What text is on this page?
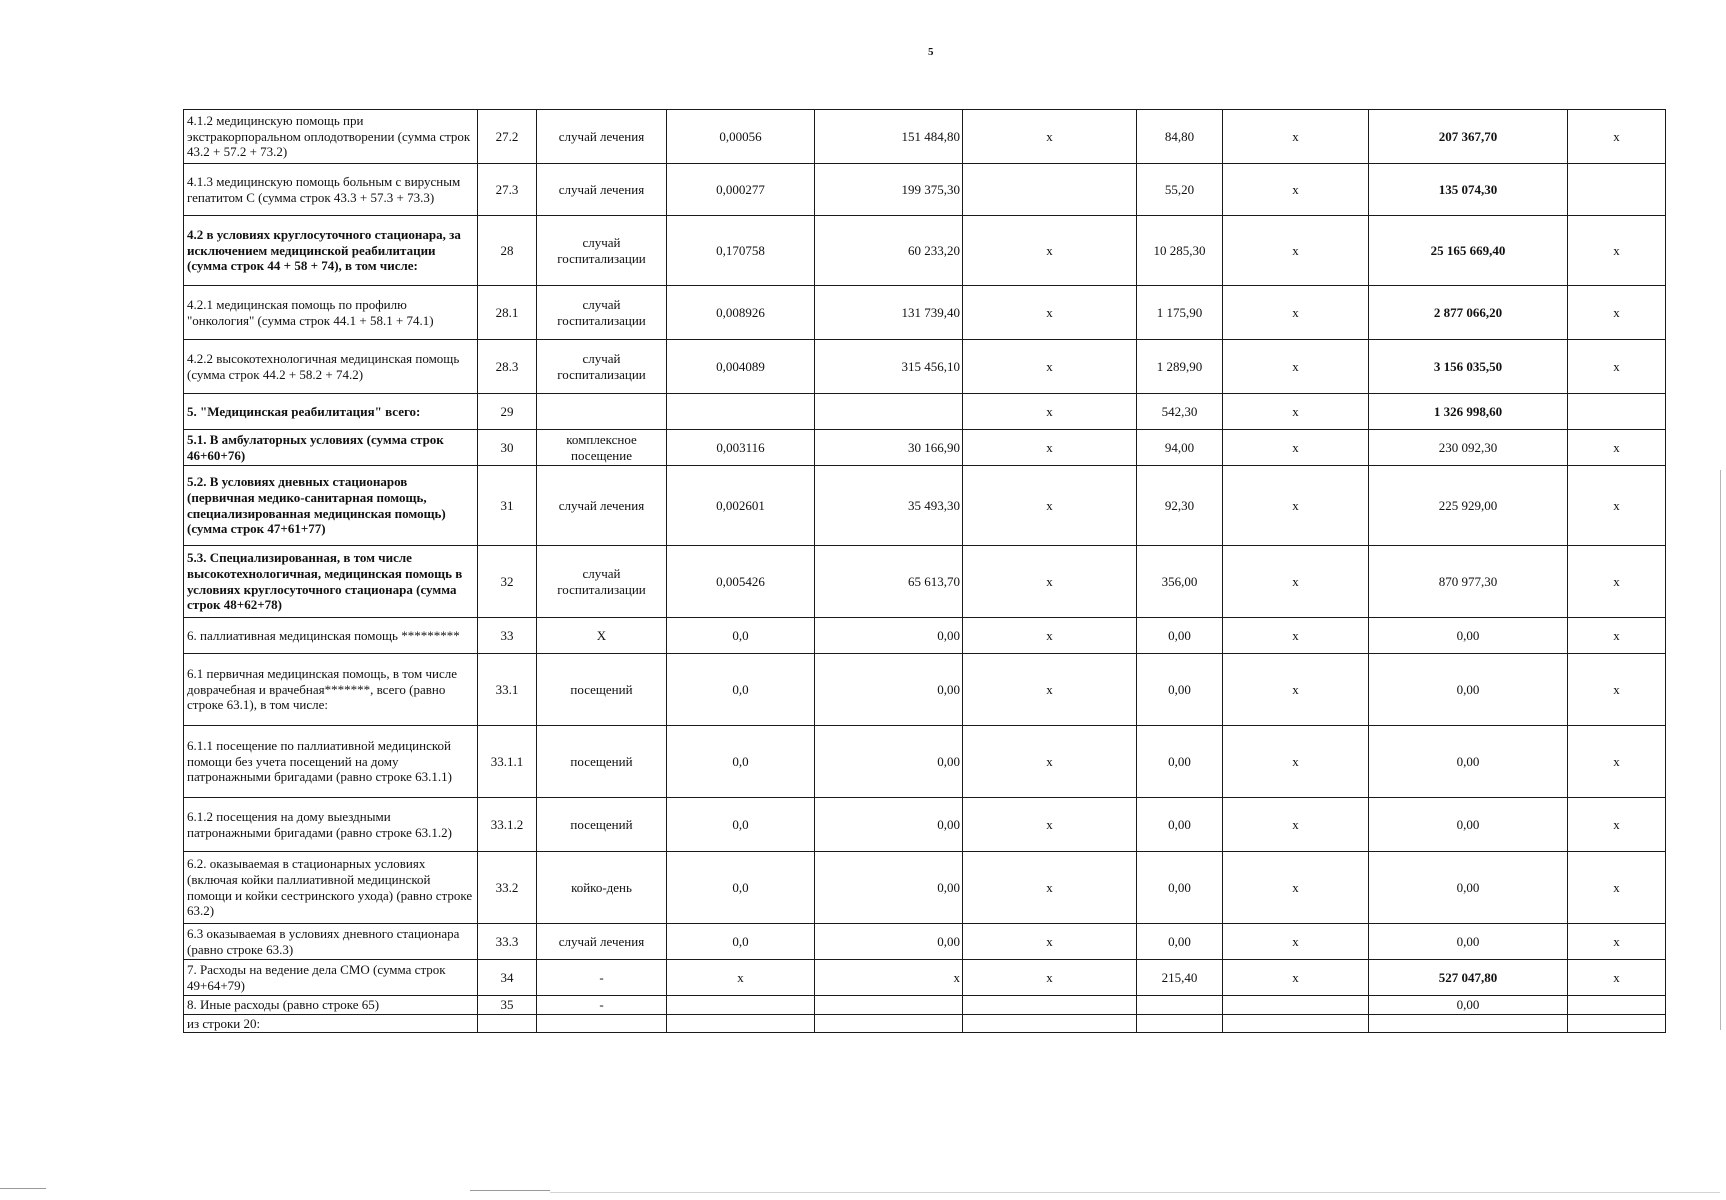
5
4.1.2 медицинскую помощь при экстракорпоральном оплодотворении (сумма строк 43.2 + 57.2 + 73.2)	27.2	случай лечения	0,00056	151 484,80	х	84,80	х	207 367,70	х
4.1.3 медицинскую помощь больным с вирусным гепатитом С (сумма строк 43.3 + 57.3 + 73.3)	27.3	случай лечения	0,000277	199 375,30		55,20	х	135 074,30	
4.2 в условиях круглосуточного стационара, за исключением медицинской реабилитации (сумма строк 44 + 58 + 74), в том числе:	28	случай госпитализации	0,170758	60 233,20	х	10 285,30	х	25 165 669,40	х
4.2.1 медицинская помощь по профилю "онкология" (сумма строк 44.1 + 58.1 + 74.1)	28.1	случай госпитализации	0,008926	131 739,40	х	1 175,90	х	2 877 066,20	х
4.2.2 высокотехнологичная медицинская помощь (сумма строк 44.2 + 58.2 + 74.2)	28.3	случай госпитализации	0,004089	315 456,10	х	1 289,90	х	3 156 035,50	х
5. "Медицинская реабилитация" всего:	29				х	542,30	х	1 326 998,60	
5.1. В амбулаторных условиях (сумма строк 46+60+76)	30	комплексное посещение	0,003116	30 166,90	х	94,00	х	230 092,30	х
5.2. В условиях дневных стационаров (первичная медико-санитарная помощь, специализированная медицинская помощь) (сумма строк 47+61+77)	31	случай лечения	0,002601	35 493,30	х	92,30	х	225 929,00	х
5.3. Специализированная, в том числе высокотехнологичная, медицинская помощь в условиях круглосуточного стационара (сумма строк 48+62+78)	32	случай госпитализации	0,005426	65 613,70	х	356,00	х	870 977,30	х
6. паллиативная медицинская помощь *********	33	Х	0,0	0,00	х	0,00	х	0,00	х
6.1 первичная медицинская помощь, в том числе доврачебная и врачебная*******, всего (равно строке 63.1), в том числе:	33.1	посещений	0,0	0,00	х	0,00	х	0,00	х
6.1.1 посещение по паллиативной медицинской помощи без учета посещений на дому патронажными бригадами (равно строке 63.1.1)	33.1.1	посещений	0,0	0,00	х	0,00	х	0,00	х
6.1.2 посещения на дому выездными патронажными бригадами (равно строке 63.1.2)	33.1.2	посещений	0,0	0,00	х	0,00	х	0,00	х
6.2. оказываемая в стационарных условиях (включая койки паллиативной медицинской помощи и койки сестринского ухода) (равно строке 63.2)	33.2	койко-день	0,0	0,00	х	0,00	х	0,00	х
6.3 оказываемая в условиях дневного стационара (равно строке 63.3)	33.3	случай лечения	0,0	0,00	х	0,00	х	0,00	х
7. Расходы на ведение дела СМО (сумма строк 49+64+79)	34	-	х	х	х	215,40	х	527 047,80	х
8. Иные расходы (равно строке 65)	35	-						0,00	
из строки 20:									
